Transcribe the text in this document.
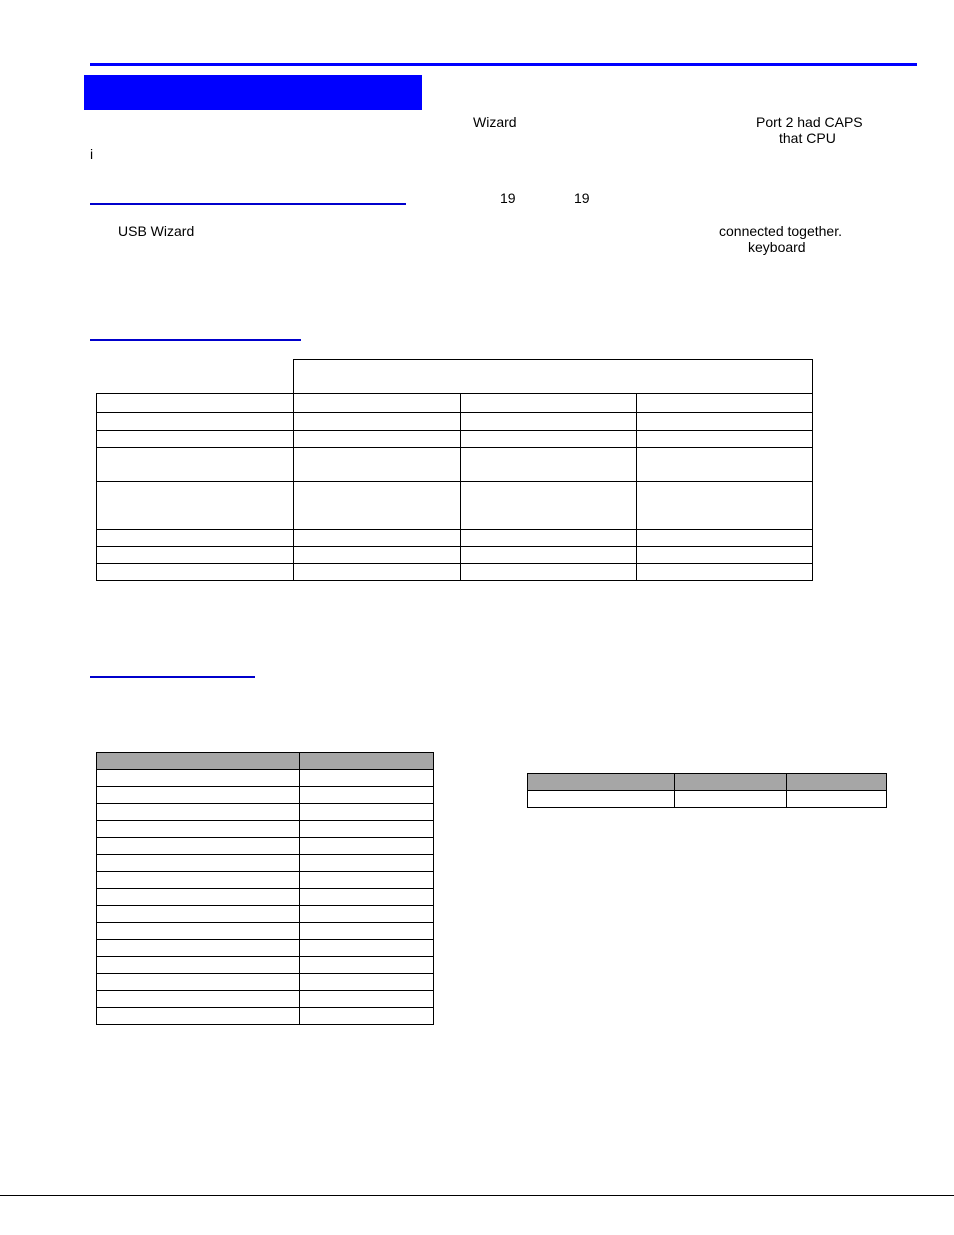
Wizard	Port 2 had CAPS
that CPU
i
19	19
USB Wizard	connected together.
keyboard
